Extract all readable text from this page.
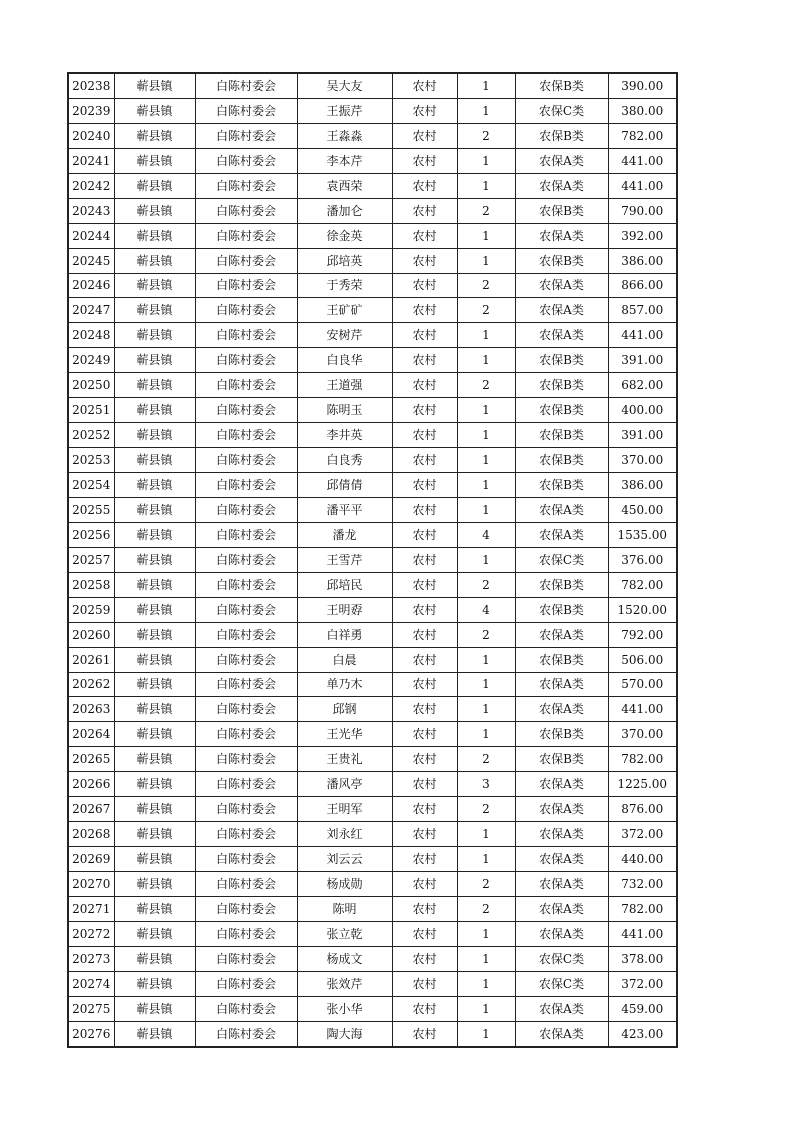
20238	蕲县镇	白陈村委会	吴大友	农村	1	农保B类	390.00
20239	蕲县镇	白陈村委会	王振芹	农村	1	农保C类	380.00
20240	蕲县镇	白陈村委会	王淼淼	农村	2	农保B类	782.00
20241	蕲县镇	白陈村委会	李本芹	农村	1	农保A类	441.00
20242	蕲县镇	白陈村委会	袁西荣	农村	1	农保A类	441.00
20243	蕲县镇	白陈村委会	潘加仑	农村	2	农保B类	790.00
20244	蕲县镇	白陈村委会	徐金英	农村	1	农保A类	392.00
20245	蕲县镇	白陈村委会	邱培英	农村	1	农保B类	386.00
20246	蕲县镇	白陈村委会	于秀荣	农村	2	农保A类	866.00
20247	蕲县镇	白陈村委会	王矿矿	农村	2	农保A类	857.00
20248	蕲县镇	白陈村委会	安树芹	农村	1	农保A类	441.00
20249	蕲县镇	白陈村委会	白良华	农村	1	农保B类	391.00
20250	蕲县镇	白陈村委会	王道强	农村	2	农保B类	682.00
20251	蕲县镇	白陈村委会	陈明玉	农村	1	农保B类	400.00
20252	蕲县镇	白陈村委会	李井英	农村	1	农保B类	391.00
20253	蕲县镇	白陈村委会	白良秀	农村	1	农保B类	370.00
20254	蕲县镇	白陈村委会	邱倩倩	农村	1	农保B类	386.00
20255	蕲县镇	白陈村委会	潘平平	农村	1	农保A类	450.00
20256	蕲县镇	白陈村委会	潘龙	农村	4	农保A类	1535.00
20257	蕲县镇	白陈村委会	王雪芹	农村	1	农保C类	376.00
20258	蕲县镇	白陈村委会	邱培民	农村	2	农保B类	782.00
20259	蕲县镇	白陈村委会	王明孬	农村	4	农保B类	1520.00
20260	蕲县镇	白陈村委会	白祥勇	农村	2	农保A类	792.00
20261	蕲县镇	白陈村委会	白晨	农村	1	农保B类	506.00
20262	蕲县镇	白陈村委会	单乃木	农村	1	农保A类	570.00
20263	蕲县镇	白陈村委会	邱钢	农村	1	农保A类	441.00
20264	蕲县镇	白陈村委会	王光华	农村	1	农保B类	370.00
20265	蕲县镇	白陈村委会	王贵礼	农村	2	农保B类	782.00
20266	蕲县镇	白陈村委会	潘风亭	农村	3	农保A类	1225.00
20267	蕲县镇	白陈村委会	王明军	农村	2	农保A类	876.00
20268	蕲县镇	白陈村委会	刘永红	农村	1	农保A类	372.00
20269	蕲县镇	白陈村委会	刘云云	农村	1	农保A类	440.00
20270	蕲县镇	白陈村委会	杨成勋	农村	2	农保A类	732.00
20271	蕲县镇	白陈村委会	陈明	农村	2	农保A类	782.00
20272	蕲县镇	白陈村委会	张立乾	农村	1	农保A类	441.00
20273	蕲县镇	白陈村委会	杨成文	农村	1	农保C类	378.00
20274	蕲县镇	白陈村委会	张效芹	农村	1	农保C类	372.00
20275	蕲县镇	白陈村委会	张小华	农村	1	农保A类	459.00
20276	蕲县镇	白陈村委会	陶大海	农村	1	农保A类	423.00
